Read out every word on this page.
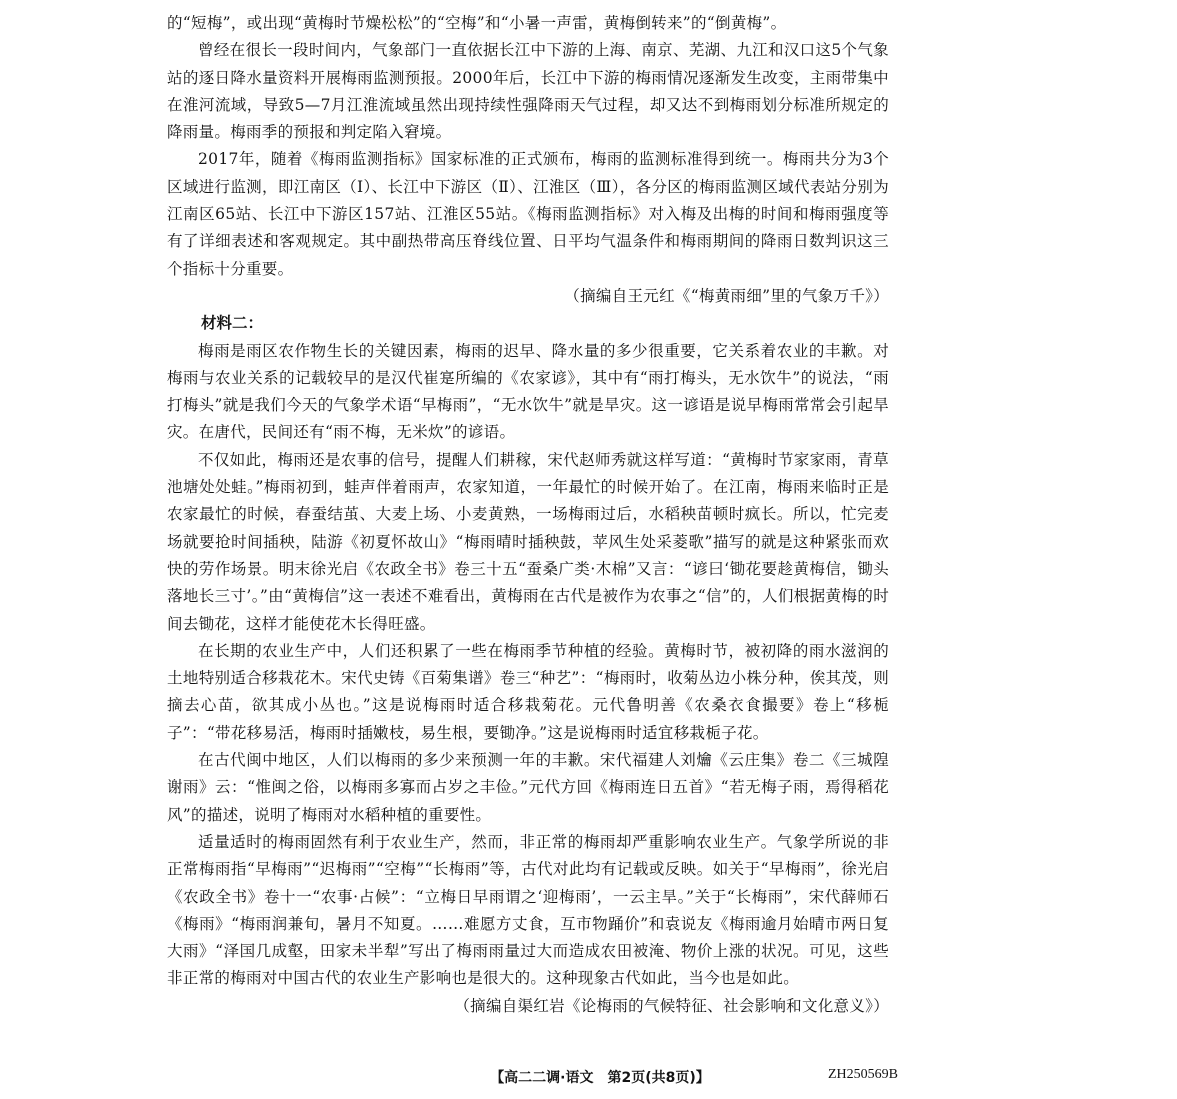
的“短梅”，或出现“黄梅时节燥松松”的“空梅”和“小暑一声雷，黄梅倒转来”的“倒黄梅”。

曾经在很长一段时间内，气象部门一直依据长江中下游的上海、南京、芜湖、九江和汉口这5个气象站的逐日降水量资料开展梅雨监测预报。2000年后，长江中下游的梅雨情况逐渐发生改变，主雨带集中在淮河流域，导致5—7月江淮流域虽然出现持续性强降雨天气过程，却又达不到梅雨划分标准所规定的降雨量。梅雨季的预报和判定陷入窘境。

2017年，随着《梅雨监测指标》国家标准的正式颁布，梅雨的监测标准得到统一。梅雨共分为3个区域进行监测，即江南区（Ⅰ）、长江中下游区（Ⅱ）、江淮区（Ⅲ），各分区的梅雨监测区域代表站分别为江南区65站、长江中下游区157站、江淮区55站。《梅雨监测指标》对入梅及出梅的时间和梅雨强度等有了详细表述和客观规定。其中副热带高压脊线位置、日平均气温条件和梅雨期间的降雨日数判识这三个指标十分重要。

（摘编自王元红《“梅黄雨细”里的气象万千》）

材料二：

梅雨是雨区农作物生长的关键因素，梅雨的迟早、降水量的多少很重要，它关系着农业的丰歉。对梅雨与农业关系的记载较早的是汉代崔寔所编的《农家谚》，其中有“雨打梅头，无水饮牛”的说法，“雨打梅头”就是我们今天的气象学术语“早梅雨”，“无水饮牛”就是旱灾。这一谚语是说早梅雨常常会引起旱灾。在唐代，民间还有“雨不梅，无米炊”的谚语。

不仅如此，梅雨还是农事的信号，提醒人们耕稼，宋代赵师秀就这样写道：“黄梅时节家家雨，青草池塘处处蛙。”梅雨初到，蛙声伴着雨声，农家知道，一年最忙的时候开始了。在江南，梅雨来临时正是农家最忙的时候，春蚕结茧、大麦上场、小麦黄熟，一场梅雨过后，水稻秧苗顿时疯长。所以，忙完麦场就要抢时间插秧，陆游《初夏怀故山》“梅雨晴时插秧鼓，苹风生处采菱歌”描写的就是这种紧张而欢快的劳作场景。明末徐光启《农政全书》卷三十五“蚕桑广类·木棉”又言：“谚曰‘锄花要趁黄梅信，锄头落地长三寸’。”由“黄梅信”这一表述不难看出，黄梅雨在古代是被作为农事之“信”的，人们根据黄梅的时间去锄花，这样才能使花木长得旺盛。

在长期的农业生产中，人们还积累了一些在梅雨季节种植的经验。黄梅时节，被初降的雨水滋润的土地特别适合移栽花木。宋代史铸《百菊集谱》卷三“种艺”：“梅雨时，收菊丛边小株分种，俟其茂，则摘去心苗，欲其成小丛也。”这是说梅雨时适合移栽菊花。元代鲁明善《农桑衣食撮要》卷上“移栀子”：“带花移易活，梅雨时插嫩枝，易生根，要锄净。”这是说梅雨时适宜移栽栀子花。

在古代闽中地区，人们以梅雨的多少来预测一年的丰歉。宋代福建人刘爚《云庄集》卷二《三城隍谢雨》云：“惟闽之俗，以梅雨多寡而占岁之丰俭。”元代方回《梅雨连日五首》“若无梅子雨，焉得稻花风”的描述，说明了梅雨对水稻种植的重要性。

适量适时的梅雨固然有利于农业生产，然而，非正常的梅雨却严重影响农业生产。气象学所说的非正常梅雨指“早梅雨”“迟梅雨”“空梅”“长梅雨”等，古代对此均有记载或反映。如关于“早梅雨”，徐光启《农政全书》卷十一“农事·占候”：“立梅日早雨谓之‘迎梅雨’，一云主旱。”关于“长梅雨”，宋代薛师石《梅雨》“梅雨润兼旬，暑月不知夏。……难愿方丈食，互市物踊价”和袁说友《梅雨逾月始晴市两日复大雨》“泽国几成壑，田家未半犁”写出了梅雨雨量过大而造成农田被淹、物价上涨的状况。可见，这些非正常的梅雨对中国古代的农业生产影响也是很大的。这种现象古代如此，当今也是如此。

（摘编自渠红岩《论梅雨的气候特征、社会影响和文化意义》）

【高二二调·语文　第2页(共8页)】	ZH250569B
